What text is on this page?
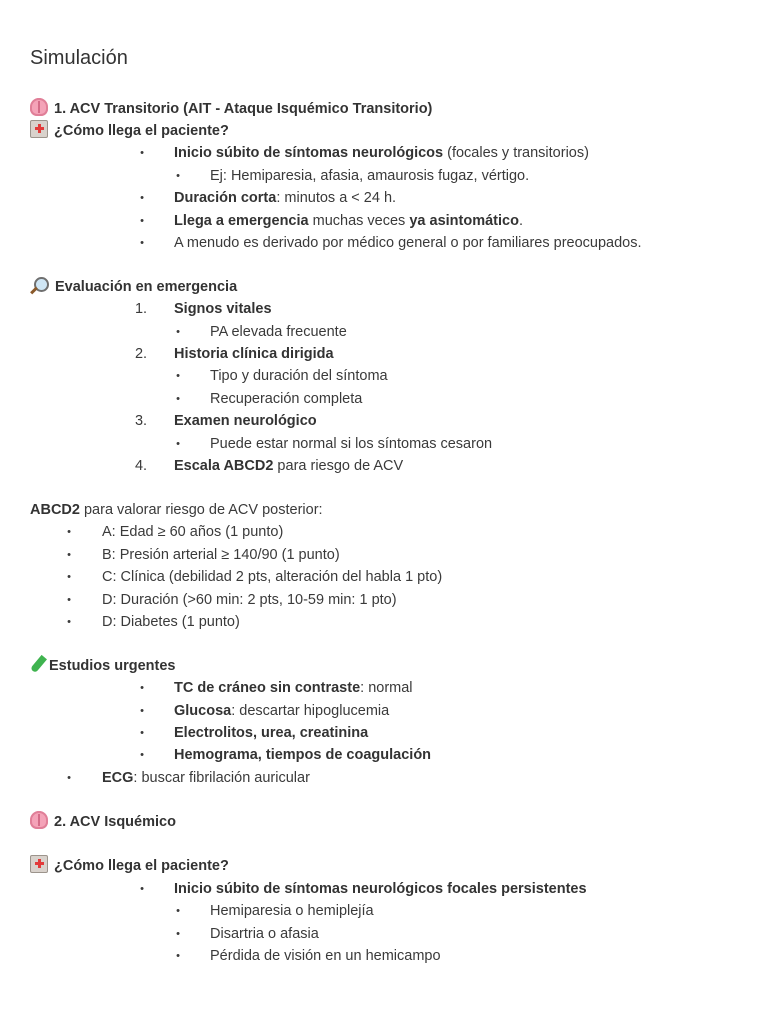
Simulación
1. ACV Transitorio (AIT - Ataque Isquémico Transitorio)
¿Cómo llega el paciente?
•	Inicio súbito de síntomas neurológicos (focales y transitorios)
•	Ej: Hemiparesia, afasia, amaurosis fugaz, vértigo.
•	Duración corta: minutos a < 24 h.
•	Llega a emergencia muchas veces ya asintomático.
•	A menudo es derivado por médico general o por familiares preocupados.
Evaluación en emergencia
1.	Signos vitales
•	PA elevada frecuente
2.	Historia clínica dirigida
•	Tipo y duración del síntoma
•	Recuperación completa
3.	Examen neurológico
•	Puede estar normal si los síntomas cesaron
4.	Escala ABCD2 para riesgo de ACV
ABCD2 para valorar riesgo de ACV posterior:
•	A: Edad ≥ 60 años (1 punto)
•	B: Presión arterial ≥ 140/90 (1 punto)
•	C: Clínica (debilidad 2 pts, alteración del habla 1 pto)
•	D: Duración (>60 min: 2 pts, 10-59 min: 1 pto)
•	D: Diabetes (1 punto)
Estudios urgentes
•	TC de cráneo sin contraste: normal
•	Glucosa: descartar hipoglucemia
•	Electrolitos, urea, creatinina
•	Hemograma, tiempos de coagulación
•	ECG: buscar fibrilación auricular
2. ACV Isquémico
¿Cómo llega el paciente?
•	Inicio súbito de síntomas neurológicos focales persistentes
•	Hemiparesia o hemiplejía
•	Disartria o afasia
•	Pérdida de visión en un hemicampo
